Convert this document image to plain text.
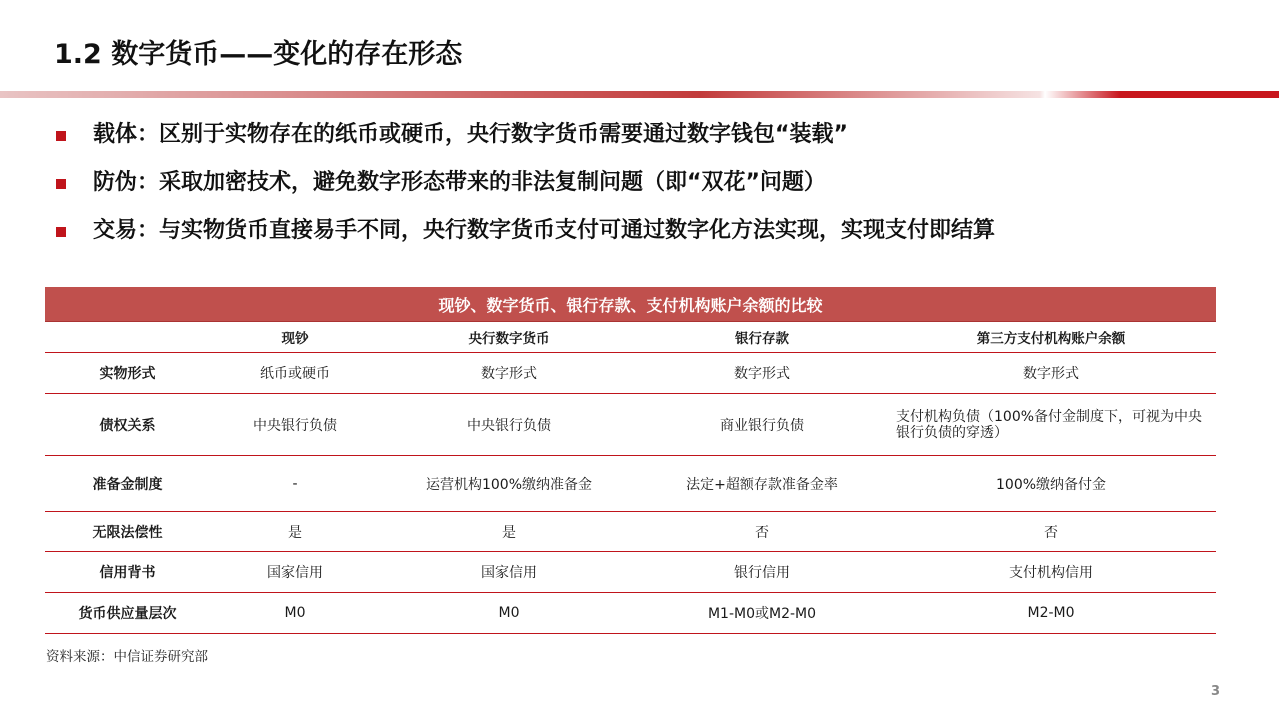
1.2 数字货币——变化的存在形态
载体：区别于实物存在的纸币或硬币，央行数字货币需要通过数字钱包“装载”
防伪：采取加密技术，避免数字形态带来的非法复制问题（即“双花”问题）
交易：与实物货币直接易手不同，央行数字货币支付可通过数字化方法实现，实现支付即结算
现钞、数字货币、银行存款、支付机构账户余额的比较				
	现钞	央行数字货币	银行存款	第三方支付机构账户余额
实物形式	纸币或硬币	数字形式	数字形式	数字形式
债权关系	中央银行负债	中央银行负债	商业银行负债	支付机构负债（100%备付金制度下，可视为中央银行负债的穿透）
准备金制度	-	运营机构100%缴纳准备金	法定+超额存款准备金率	100%缴纳备付金
无限法偿性	是	是	否	否
信用背书	国家信用	国家信用	银行信用	支付机构信用
货币供应量层次	M0	M0	M1-M0或M2-M0	M2-M0
资料来源：中信证券研究部
3
